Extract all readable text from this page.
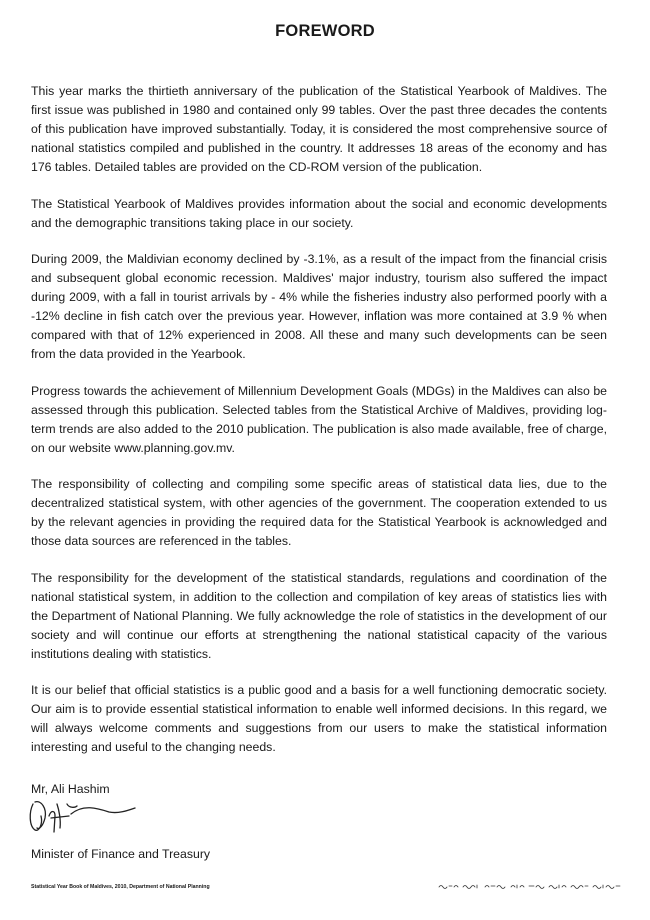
FOREWORD

This year marks the thirtieth anniversary of the publication of the Statistical Yearbook of Maldives. The first issue was published in 1980 and contained only 99 tables. Over the past three decades the contents of this publication have improved substantially. Today, it is considered the most comprehensive source of national statistics compiled and published in the country. It addresses 18 areas of the economy and has 176 tables. Detailed tables are provided on the CD-ROM version of the publication.

The Statistical Yearbook of Maldives provides information about the social and economic developments and the demographic transitions taking place in our society.

During 2009, the Maldivian economy declined by -3.1%, as a result of the impact from the financial crisis and subsequent global economic recession. Maldives' major industry, tourism also suffered the impact during 2009, with a fall in tourist arrivals by - 4% while the fisheries industry also performed poorly with a -12% decline in fish catch over the previous year. However, inflation was more contained at 3.9 % when compared with that of 12% experienced in 2008. All these and many such developments can be seen from the data provided in the Yearbook.

Progress towards the achievement of Millennium Development Goals (MDGs) in the Maldives can also be assessed through this publication. Selected tables from the Statistical Archive of Maldives, providing log-term trends are also added to the 2010 publication. The publication is also made available, free of charge, on our website www.planning.gov.mv.

The responsibility of collecting and compiling some specific areas of statistical data lies, due to the decentralized statistical system, with other agencies of the government. The cooperation extended to us by the relevant agencies in providing the required data for the Statistical Yearbook is acknowledged and those data sources are referenced in the tables.

The responsibility for the development of the statistical standards, regulations and coordination of the national statistical system, in addition to the collection and compilation of key areas of statistics lies with the Department of National Planning. We fully acknowledge the role of statistics in the development of our society and will continue our efforts at strengthening the national statistical capacity of the various institutions dealing with statistics.

It is our belief that official statistics is a public good and a basis for a well functioning democratic society. Our aim is to provide essential statistical information to enable well informed decisions. In this regard, we will always welcome comments and suggestions from our users to make the statistical information interesting and useful to the changing needs.

Mr, Ali Hashim
Minister of Finance and Treasury
Statistical Year Book of Maldives, 2010, Department of National Planning
